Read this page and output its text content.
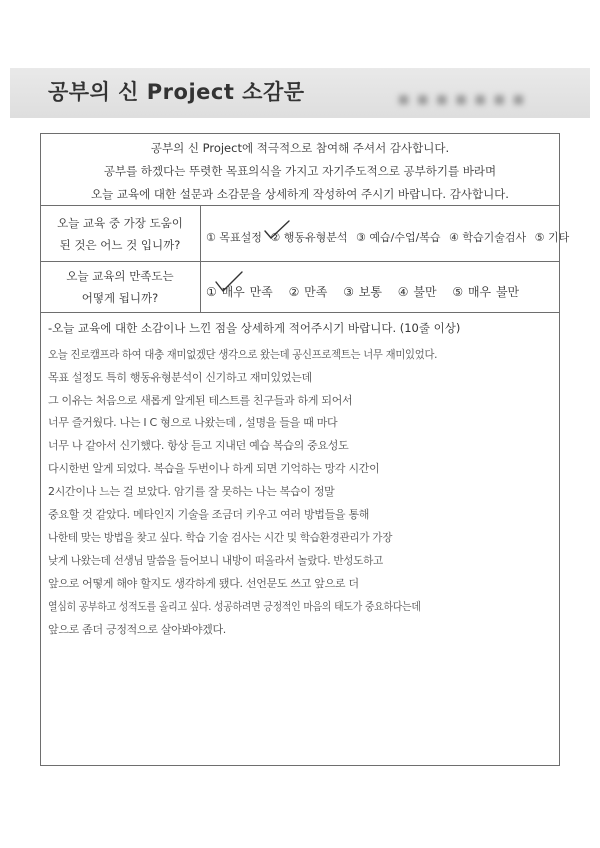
공부의 신 Project 소감문	■ ■ ■ ■ ■ ■ ■
공부의 신 Project에 적극적으로 참여해 주셔서 감사합니다.
공부를 하겠다는 뚜렷한 목표의식을 가지고 자기주도적으로 공부하기를 바라며
오늘 교육에 대한 설문과 소감문을 상세하게 작성하여 주시기 바랍니다. 감사합니다.
오늘 교육 중 가장 도움이
된 것은 어느 것 입니까?
① 목표설정 ② 행동유형분석 ③ 예습/수업/복습 ④ 학습기술검사 ⑤ 기타
오늘 교육의 만족도는
어떻게 됩니까?	① 매우 만족 ② 만족 ③ 보통 ④ 불만 ⑤ 매우 불만
-오늘 교육에 대한 소감이나 느낀 점을 상세하게 적어주시기 바랍니다. (10줄 이상)
오늘 진로캠프라 하여 대충 재미없겠단 생각으로 왔는데 공신프로젝트는 너무 재미있었다.
목표 설정도 특히 행동유형분석이 신기하고 재미있었는데
그 이유는 처음으로 새롭게 알게된 테스트를 친구들과 하게 되어서
너무 즐거웠다. 나는 I C 형으로 나왔는데 , 설명을 들을 때 마다
너무 나 같아서 신기했다. 항상 듣고 지내던 예습 복습의 중요성도
다시한번 알게 되었다. 복습을 두번이나 하게 되면 기억하는 망각 시간이
2시간이나 느는 걸 보았다. 암기를 잘 못하는 나는 복습이 정말
중요할 것 같았다. 메타인지 기술을 조금더 키우고 여러 방법들을 통해
나한테 맞는 방법을 찾고 싶다. 학습 기술 검사는 시간 및 학습환경관리가 가장
낮게 나왔는데 선생님 말씀을 들어보니 내방이 떠올라서 놀랐다. 반성도하고
앞으로 어떻게 해야 할지도 생각하게 됐다. 선언문도 쓰고 앞으로 더
열심히 공부하고 성적도를 올리고 싶다. 성공하려면 긍정적인 마음의 태도가 중요하다는데
앞으로 좀더 긍정적으로 살아봐야겠다.
